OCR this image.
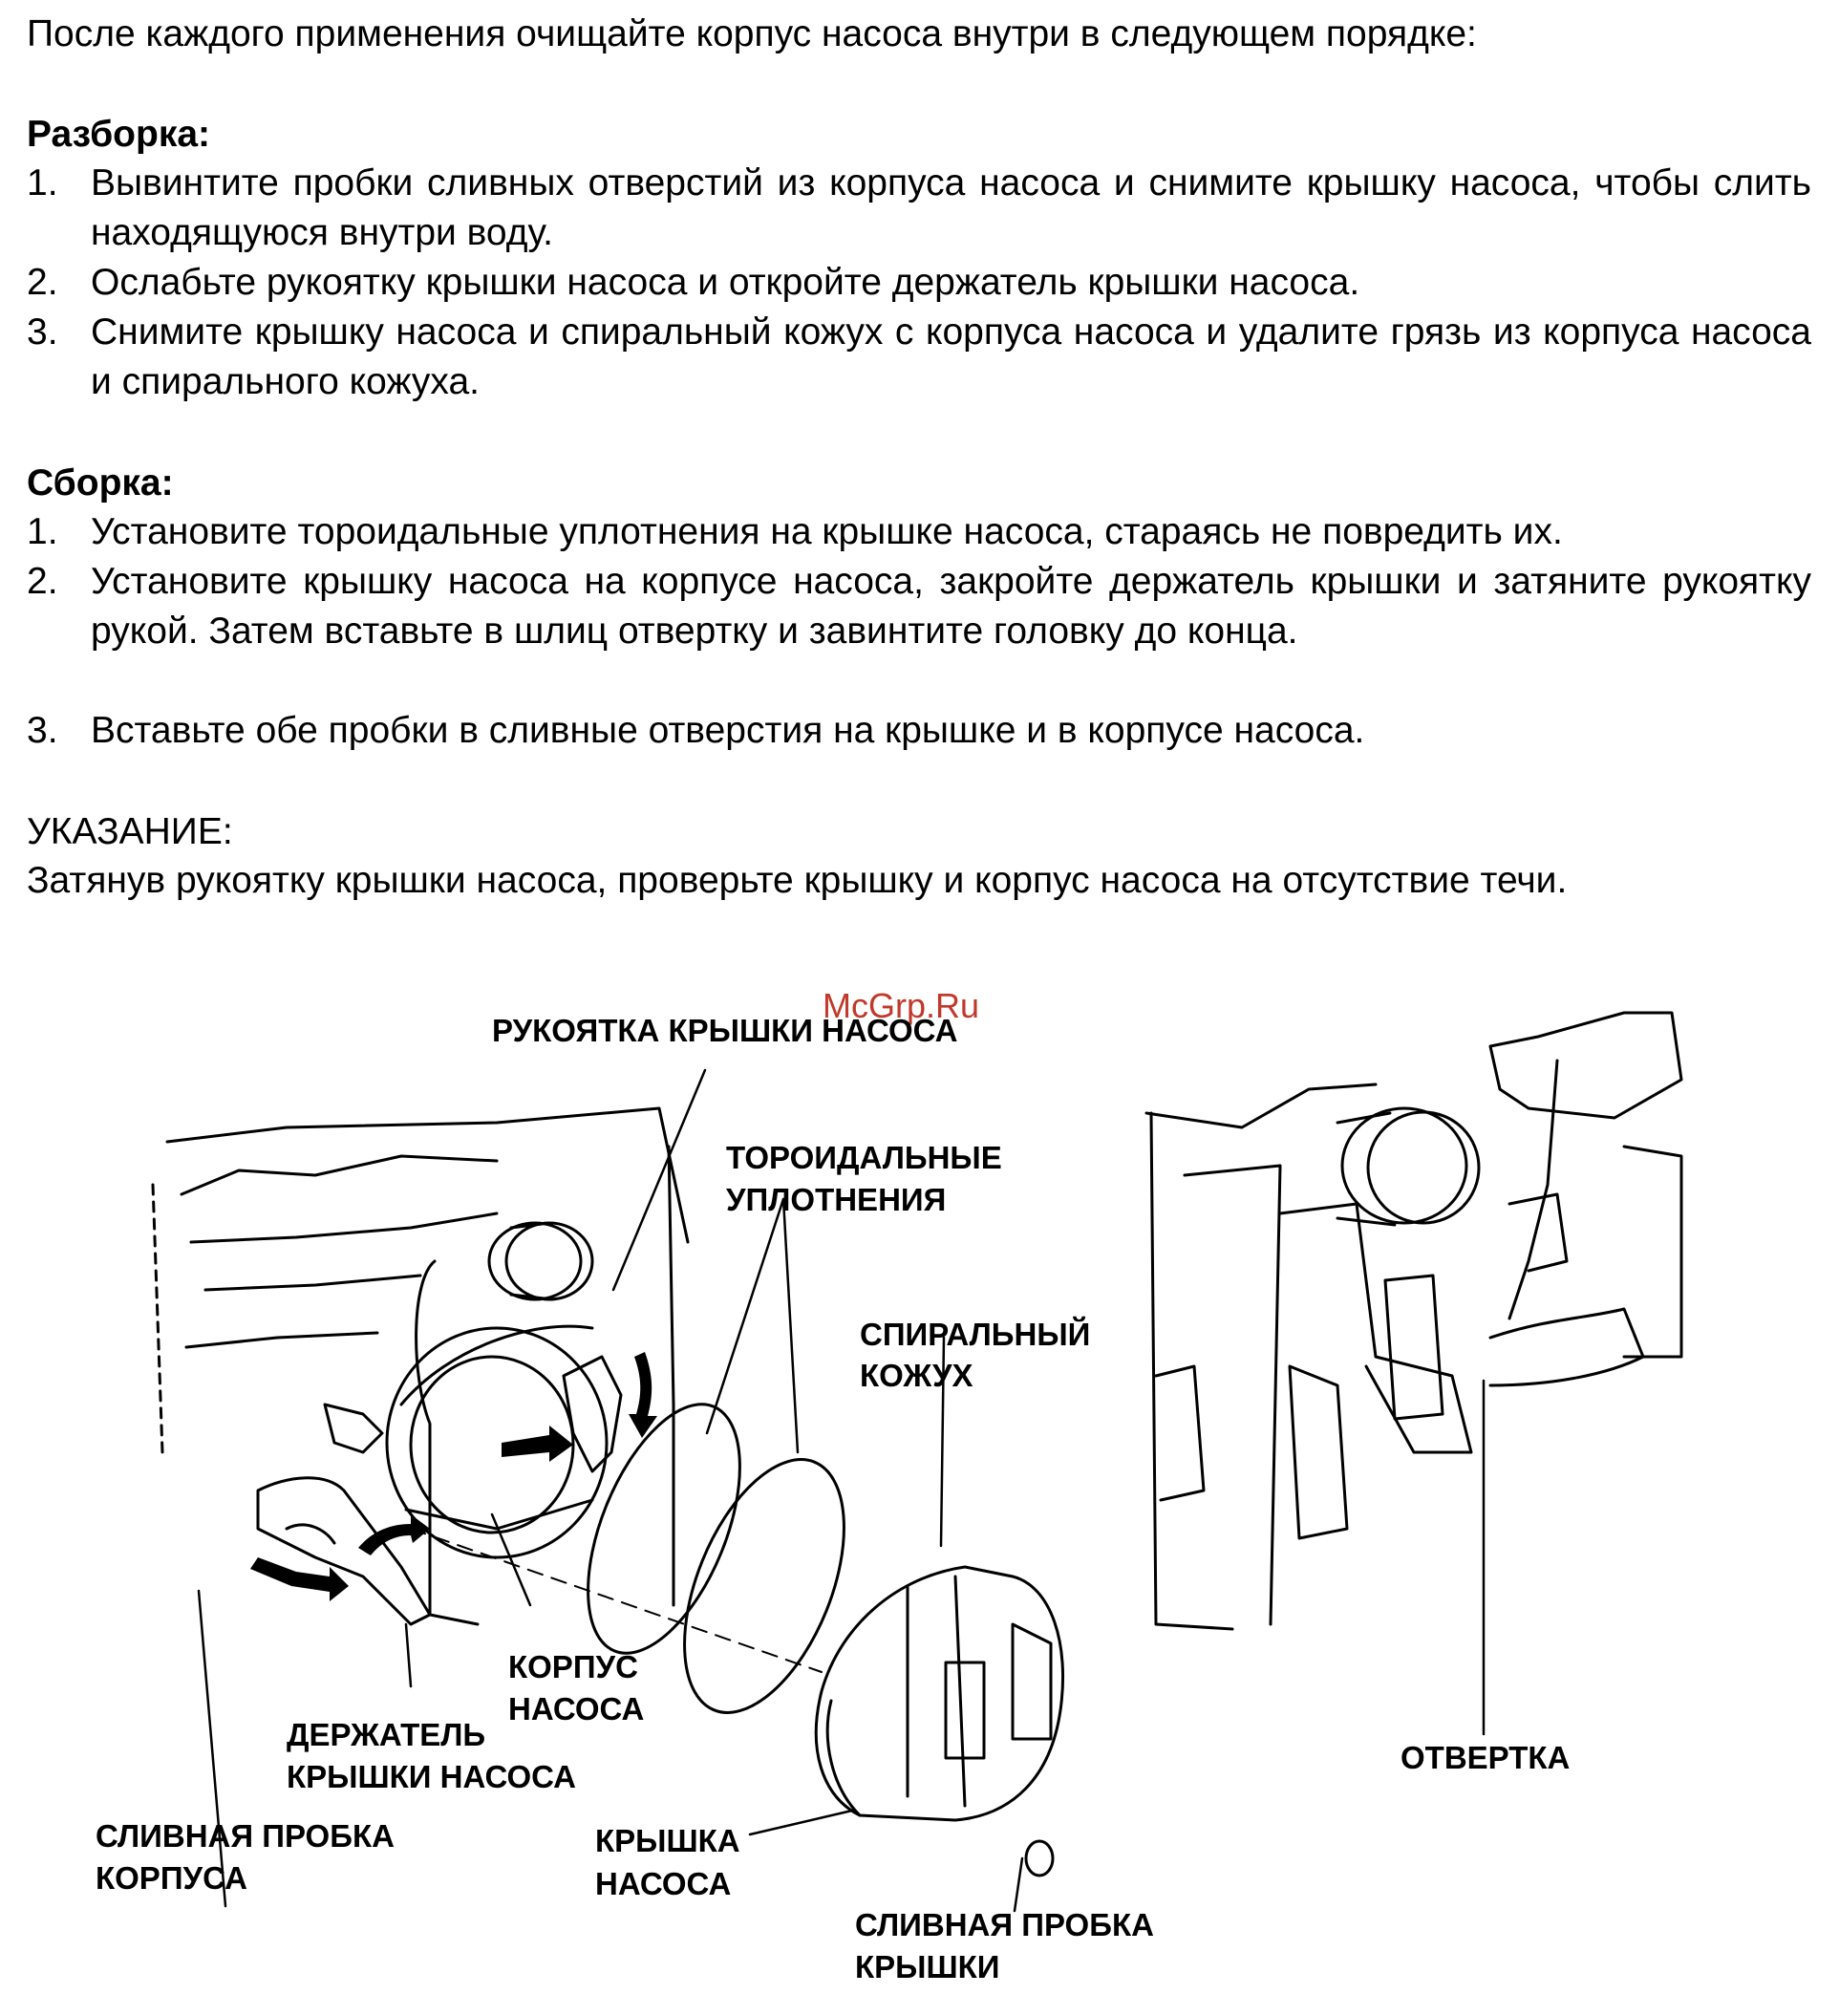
После каждого применения очищайте корпус насоса внутри в следующем порядке:

Разборка:

1. Вывинтите пробки сливных отверстий из корпуса насоса и снимите крышку насоса, чтобы слить находящуюся внутри воду.
2. Ослабьте рукоятку крышки насоса и откройте держатель крышки насоса.
3. Снимите крышку насоса и спиральный кожух с корпуса насоса и удалите грязь из корпуса насоса и спирального кожуха.

Сборка:

1. Установите тороидальные уплотнения на крышке насоса, стараясь не повредить их.
2. Установите крышку насоса на корпусе насоса, закройте держатель крышки и затяните рукоятку рукой. Затем вставьте в шлиц отвертку и завинтите головку до конца.
3. Вставьте обе пробки в сливные отверстия на крышке и в корпусе насоса.

УКАЗАНИЕ:

Затянув рукоятку крышки насоса, проверьте крышку и корпус насоса на отсутствие течи.

McGrp.Ru

РУКОЯТКА КРЫШКИ НАСОСА

ТОРОИДАЛЬНЫЕ

УПЛОТНЕНИЯ

СПИРАЛЬНЫЙ

КОЖУХ

КОРПУС

НАСОСА

ДЕРЖАТЕЛЬ

КРЫШКИ НАСОСА

СЛИВНАЯ ПРОБКА

КОРПУСА

КРЫШКА

НАСОСА

СЛИВНАЯ ПРОБКА

КРЫШКИ

ОТВЕРТКА
